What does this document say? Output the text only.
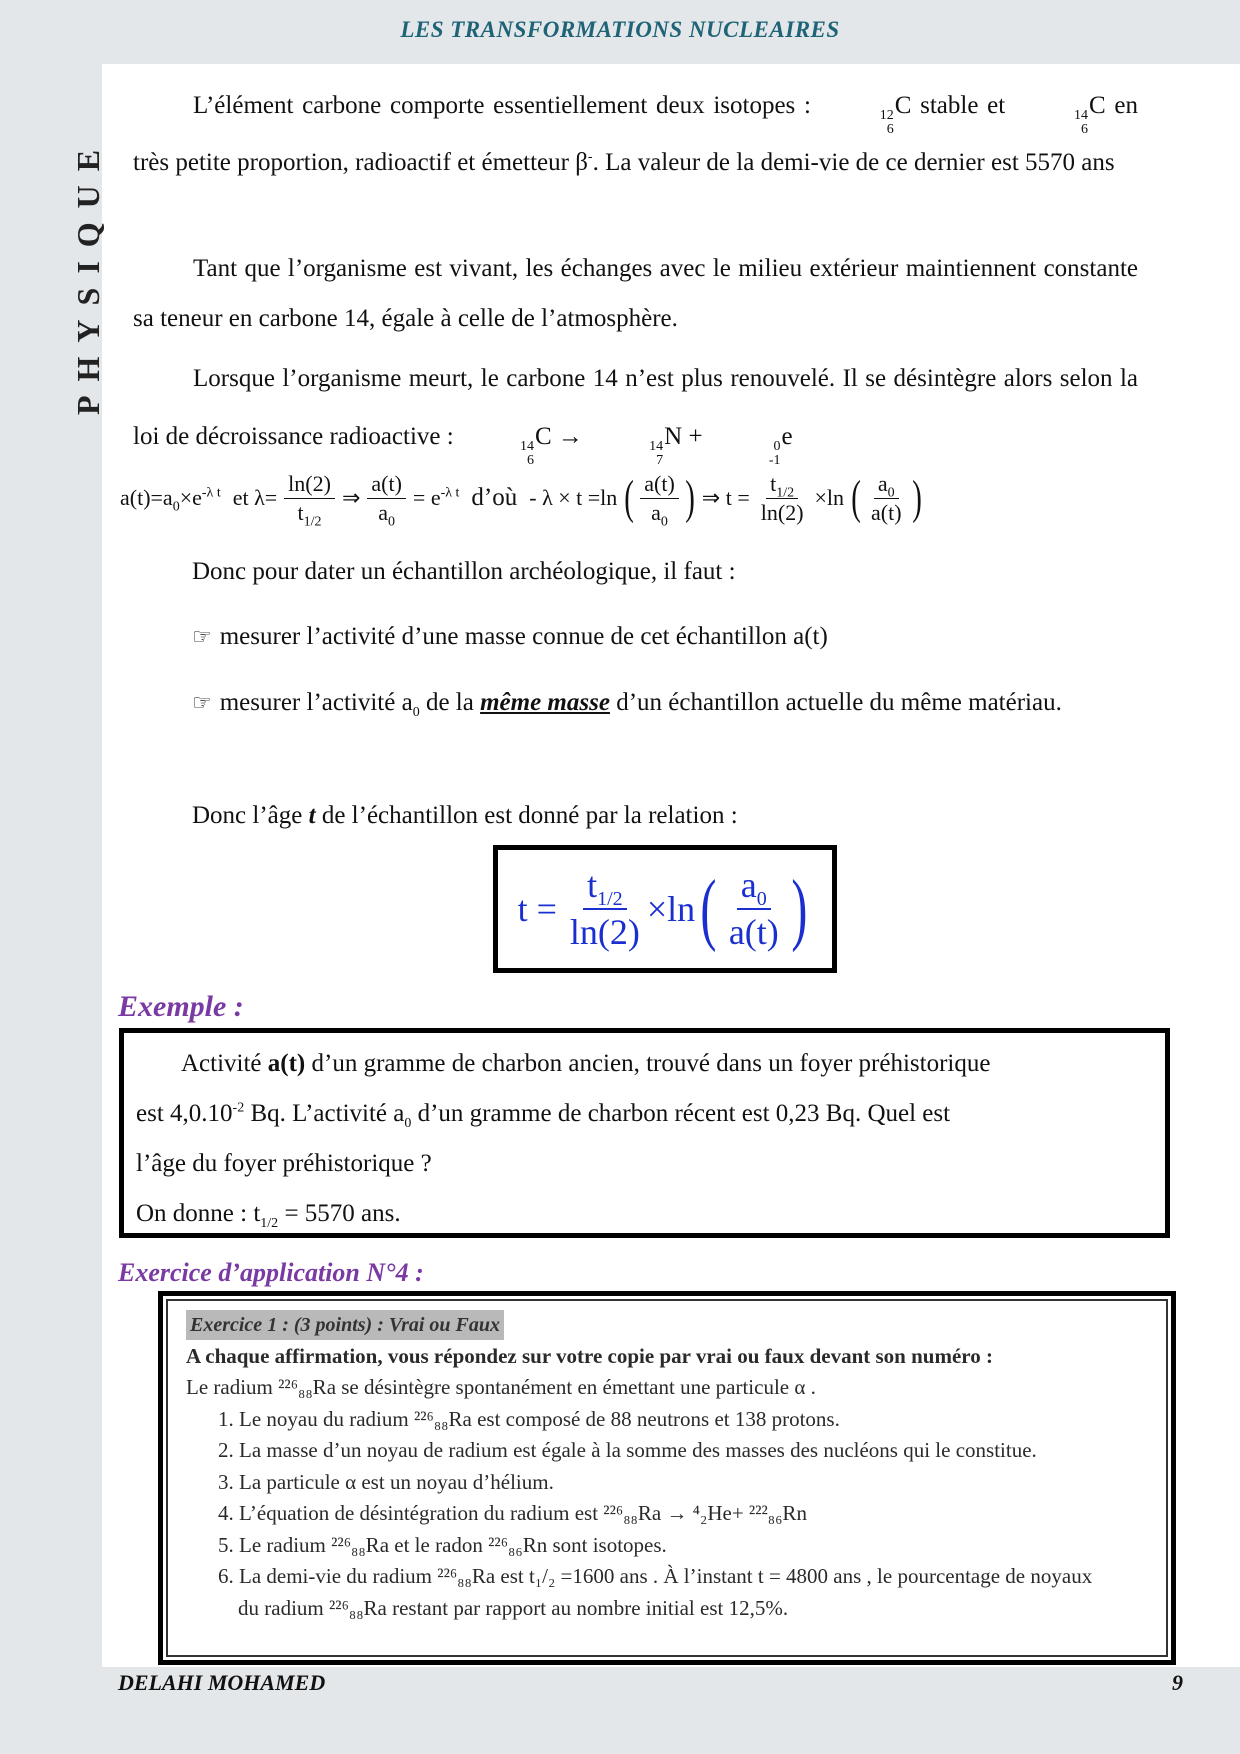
LES TRANSFORMATIONS NUCLEAIRES
PHYSIQUE
L’élément carbone comporte essentiellement deux isotopes :	12
6
C stable et	14
6
C en très petite proportion, radioactif et émetteur β-. La valeur de la demi-vie de ce dernier est 5570 ans
Tant que l’organisme est vivant, les échanges avec le milieu extérieur maintiennent constante sa teneur en carbone 14, égale à celle de l’atmosphère.
Lorsque l’organisme meurt, le carbone 14 n’est plus renouvelé. Il se désintègre alors selon la loi de décroissance radioactive :	14
6
C →	14
7
N +	0
-1
e
$a(t)=a_0\times e^{-\lambda t}$ et $\lambda= \frac{\ln(2)}{t_{1/2}}$ ⇒ $\frac{a(t)}{a_0} = e^{-\lambda t}$ d’où - λ × t =ln ( $\frac{a(t)}{a_0}$ ) ⇒ $t = \frac{t_{1/2}}{\ln(2)} \times\ln$ ( $\frac{a_0}{a(t)}$ )
Donc pour dater un échantillon archéologique, il faut :
☞ mesurer l’activité d’une masse connue de cet échantillon a(t)
☞ mesurer l’activité $a_0$ de la même masse d’un échantillon actuelle du même matériau.
Donc l’âge t de l’échantillon est donné par la relation :
$t = \frac{t_{1/2}}{\ln(2)} \times\ln$ ( $\frac{a_0}{a(t)}$ )
Exemple :
Activité a(t) d’un gramme de charbon ancien, trouvé dans un foyer préhistorique
est $4,0.10^{-2}$ Bq. L’activité $a_0$ d’un gramme de charbon récent est 0,23 Bq. Quel est
l’âge du foyer préhistorique ?
On donne : $t_{1/2} = 5570$ ans.
Exercice d’application N°4 :
Exercice 1 : (3 points) : Vrai ou Faux
A chaque affirmation, vous répondez sur votre copie par vrai ou faux devant son numéro :
Le radium ²²⁶₈₈Ra se désintègre spontanément en émettant une particule α .
1. Le noyau du radium ²²⁶₈₈Ra est composé de 88 neutrons et 138 protons.
2. La masse d’un noyau de radium est égale à la somme des masses des nucléons qui le constitue.
3. La particule α est un noyau d’hélium.
4. L’équation de désintégration du radium est ²²⁶₈₈Ra → ⁴₂He+ ²²²₈₆Rn
5. Le radium ²²⁶₈₈Ra et le radon ²²⁶₈₆Rn sont isotopes.
6. La demi-vie du radium ²²⁶₈₈Ra est t₁/₂ =1600 ans . À l’instant t = 4800 ans , le pourcentage de noyaux
du radium ²²⁶₈₈Ra restant par rapport au nombre initial est 12,5%.
DELAHI MOHAMED	9
